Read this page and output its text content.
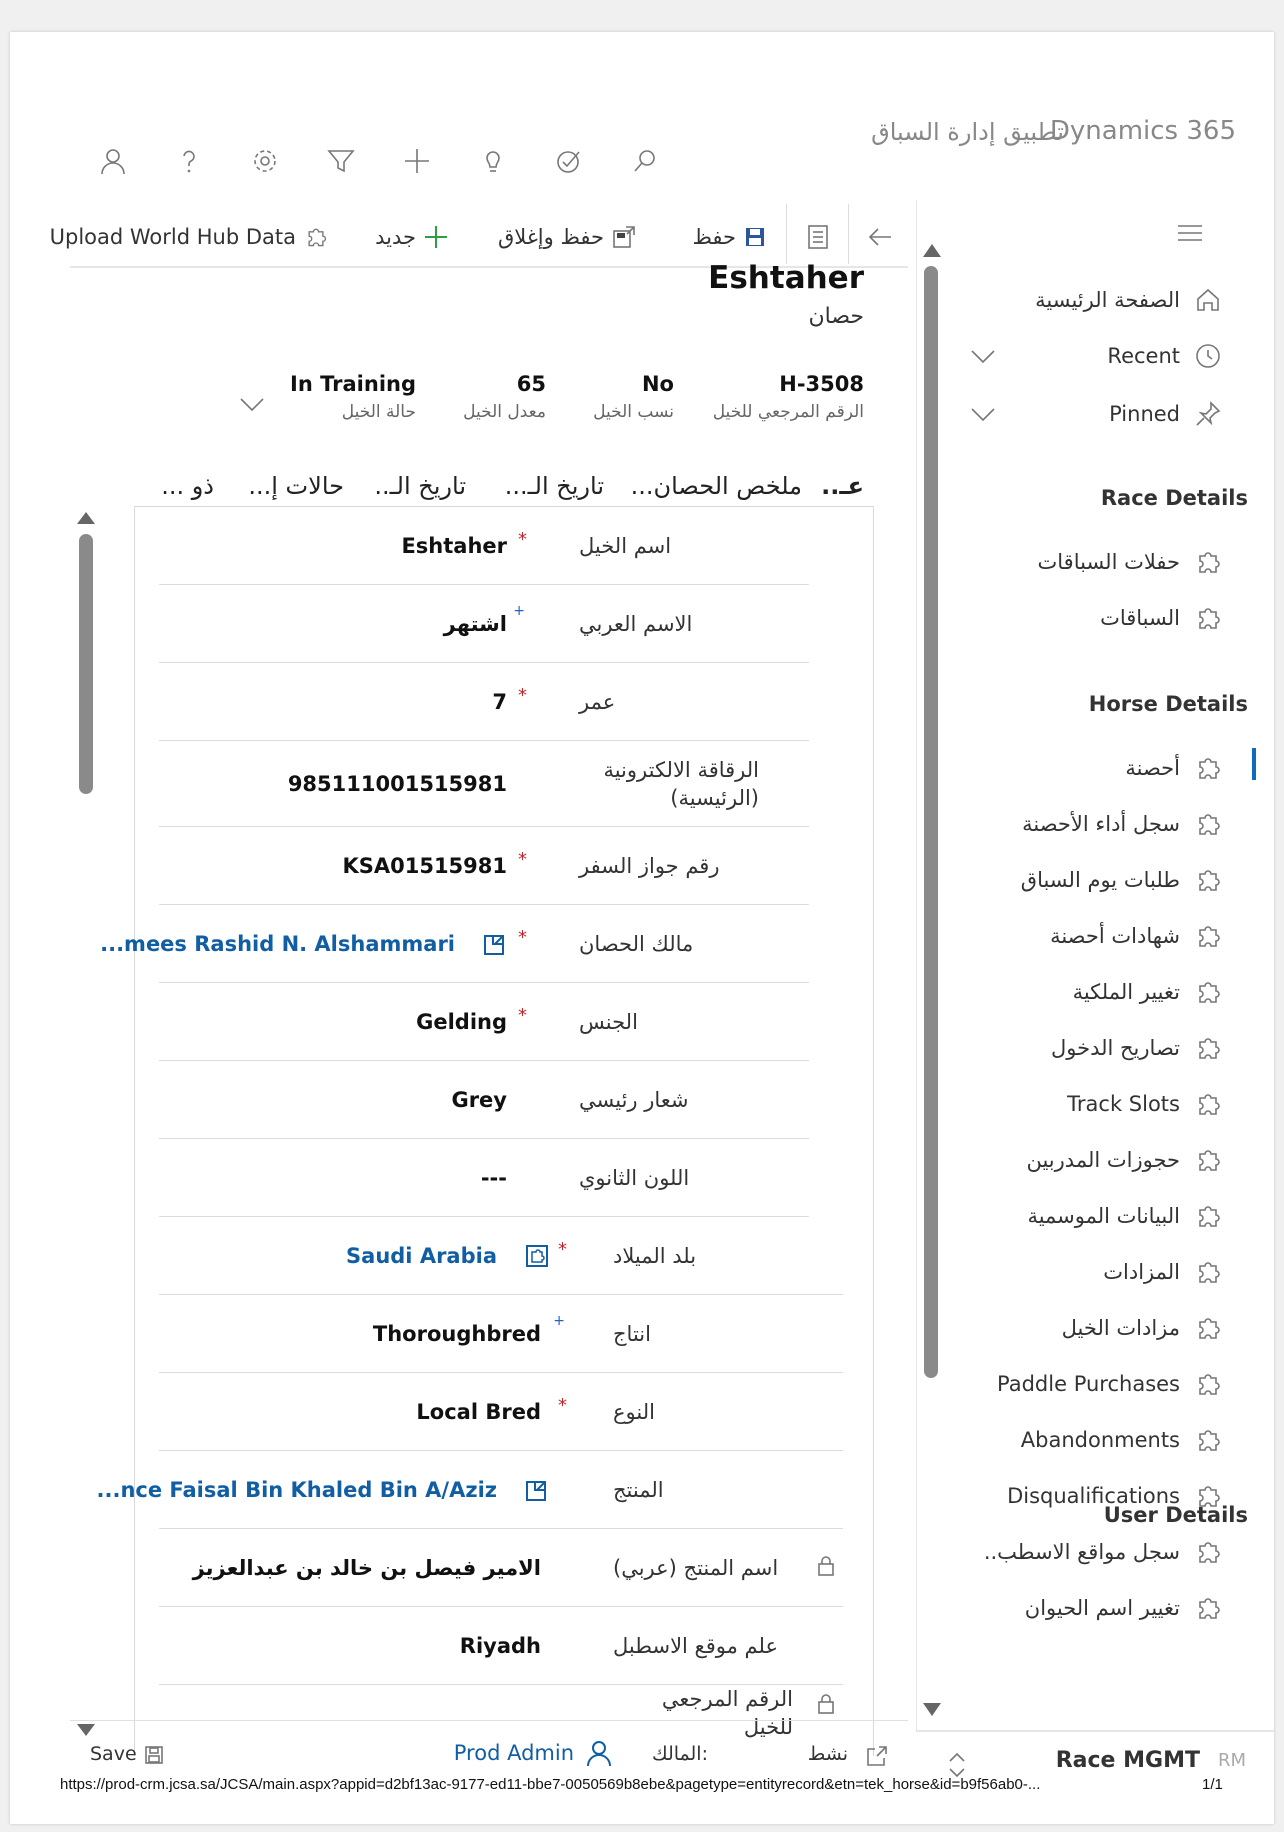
Dynamics 365
تطبيق إدارة السباق
الصفحة الرئيسية
Recent
Pinned
Race Details
حفلات السباقات
السباقات
Horse Details
أحصنة
سجل أداء الأحصنة
طلبات يوم السباق
شهادات أحصنة
تغيير الملكية
تصاريح الدخول
Track Slots
حجوزات المدربين
البيانات الموسمية
المزادات
مزادات الخيل
Paddle Purchases
Abandonments
Disqualifications
سجل مواقع الاسطب..
تغيير اسم الحيوان
User Details
Race MGMT RM
حفظ
حفظ وإغلاق
جديد
Upload World Hub Data
Eshtaher
حصان
H-3508
الرقم المرجعي للخيل
No
نسب الخيل
65
معدل الخيل
In Training
حالة الخيل
عـ..
ملخص الحصان...
تاريخ الـ...
تاريخ الـ..
حالات إ...
ذو ...
اسم الخيل
*
Eshtaher
الاسم العربي
+
اشتهر
عمر
*
7
الرقاقة الالكترونية (الرئيسية)
985111001515981
رقم جواز السفر
*
KSA01515981
مالك الحصان
*
...mees Rashid N. Alshammari
الجنس
*
Gelding
شعار رئيسي
Grey
اللون الثانوي
---
بلد الميلاد
*
Saudi Arabia
انتاج
+
Thoroughbred
النوع
*
Local Bred
المنتج
...nce Faisal Bin Khaled Bin A/Aziz
اسم المنتج (عربي)
الامير فيصل بن خالد بن عبدالعزيز
علم موقع الاسطبل
Riyadh
الرقم المرجعي للخيل
نشط
المالك:
Prod Admin
Save
https://prod-crm.jcsa.sa/JCSA/main.aspx?appid=d2bf13ac-9177-ed11-bbe7-0050569b8ebe&pagetype=entityrecord&etn=tek_horse&id=b9f56ab0-...	1/1
